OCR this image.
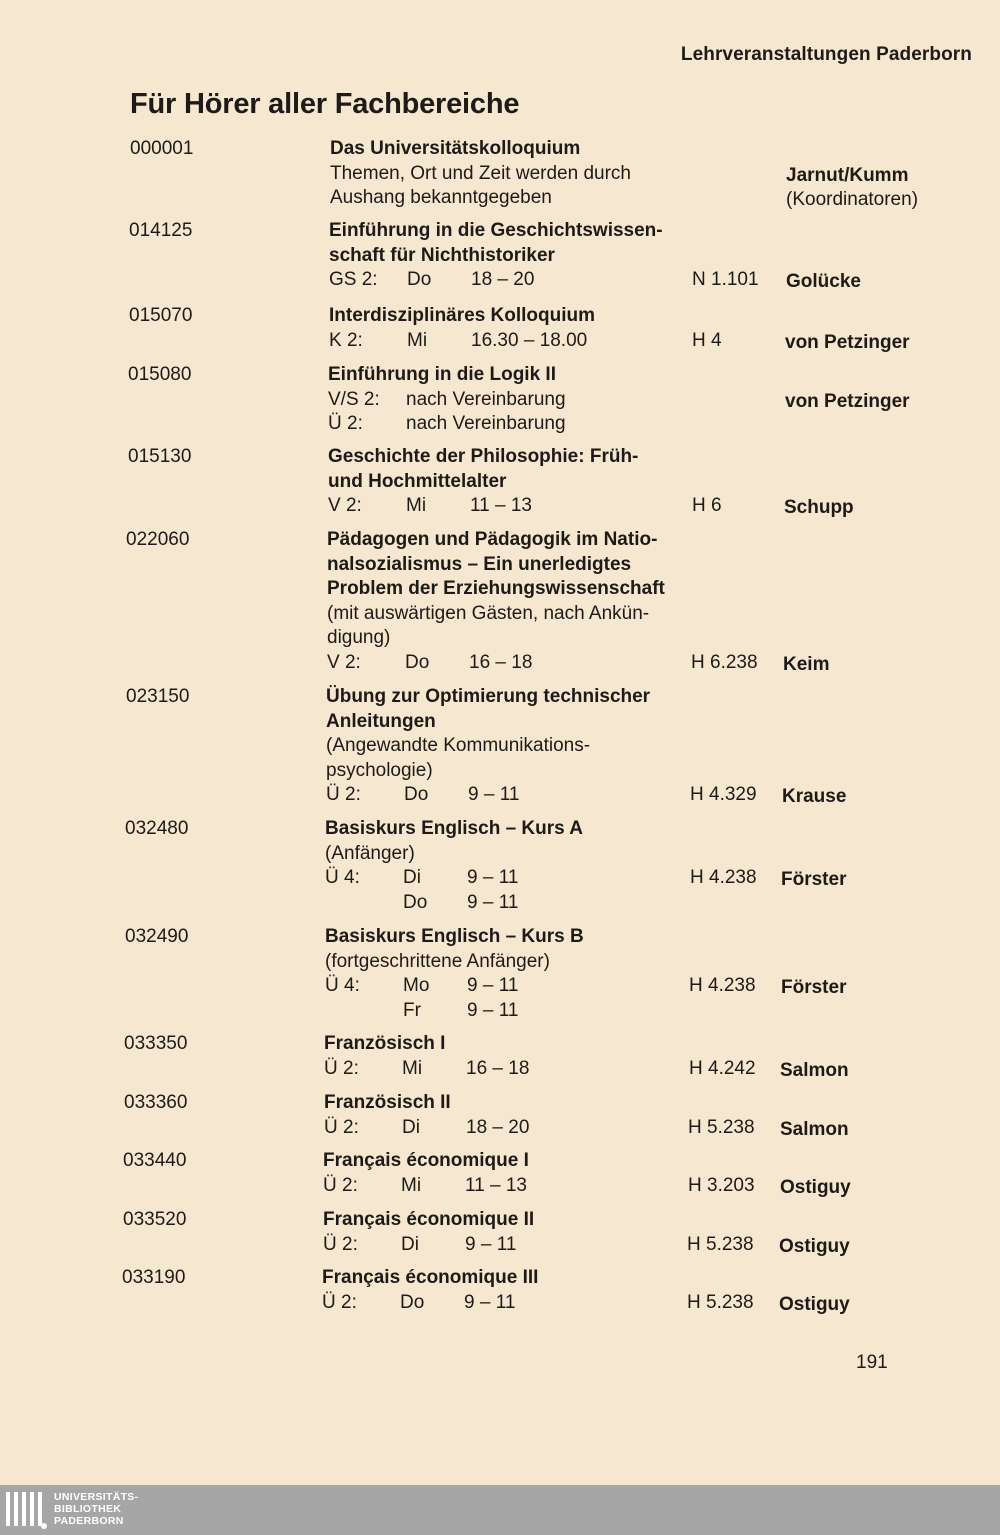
Lehrveranstaltungen Paderborn
Für Hörer aller Fachbereiche
000001	Das Universitätskolloquium
Themen, Ort und Zeit werden durch
Aushang bekanntgegeben
Jarnut/Kumm
(Koordinatoren)
014125	Einführung in die Geschichtswissen-
schaft für Nichthistoriker
GS 2: Do 18 – 20	N 1.101 Golücke
015070	Interdisziplinäres Kolloquium
K 2: Mi 16.30 – 18.00	H 4	von Petzinger
015080	Einführung in die Logik II
V/S 2: nach Vereinbarung
Ü 2: nach Vereinbarung
von Petzinger
015130	Geschichte der Philosophie: Früh-
und Hochmittelalter
V 2: Mi 11 – 13	H 6	Schupp
022060	Pädagogen und Pädagogik im Natio-
nalsozialismus – Ein unerledigtes
Problem der Erziehungswissenschaft
(mit auswärtigen Gästen, nach Ankün-
digung)
V 2: Do 16 – 18	H 6.238 Keim
023150	Übung zur Optimierung technischer
Anleitungen
(Angewandte Kommunikations-
psychologie)
Ü 2: Do 9 – 11	H 4.329 Krause
032480	Basiskurs Englisch – Kurs A
(Anfänger)
Ü 4: Di 9 – 11
Do 9 – 11
H 4.238 Förster
032490	Basiskurs Englisch – Kurs B
(fortgeschrittene Anfänger)
Ü 4: Mo 9 – 11
Fr 9 – 11
H 4.238 Förster
033350	Französisch I
Ü 2: Mi 16 – 18	H 4.242 Salmon
033360	Französisch II
Ü 2: Di 18 – 20	H 5.238 Salmon
033440	Français économique I
Ü 2: Mi 11 – 13	H 3.203 Ostiguy
033520	Français économique II
Ü 2: Di 9 – 11	H 5.238 Ostiguy
033190	Français économique III
Ü 2: Do 9 – 11	H 5.238 Ostiguy
191
UNIVERSITÄTS-
BIBLIOTHEK
PADERBORN
